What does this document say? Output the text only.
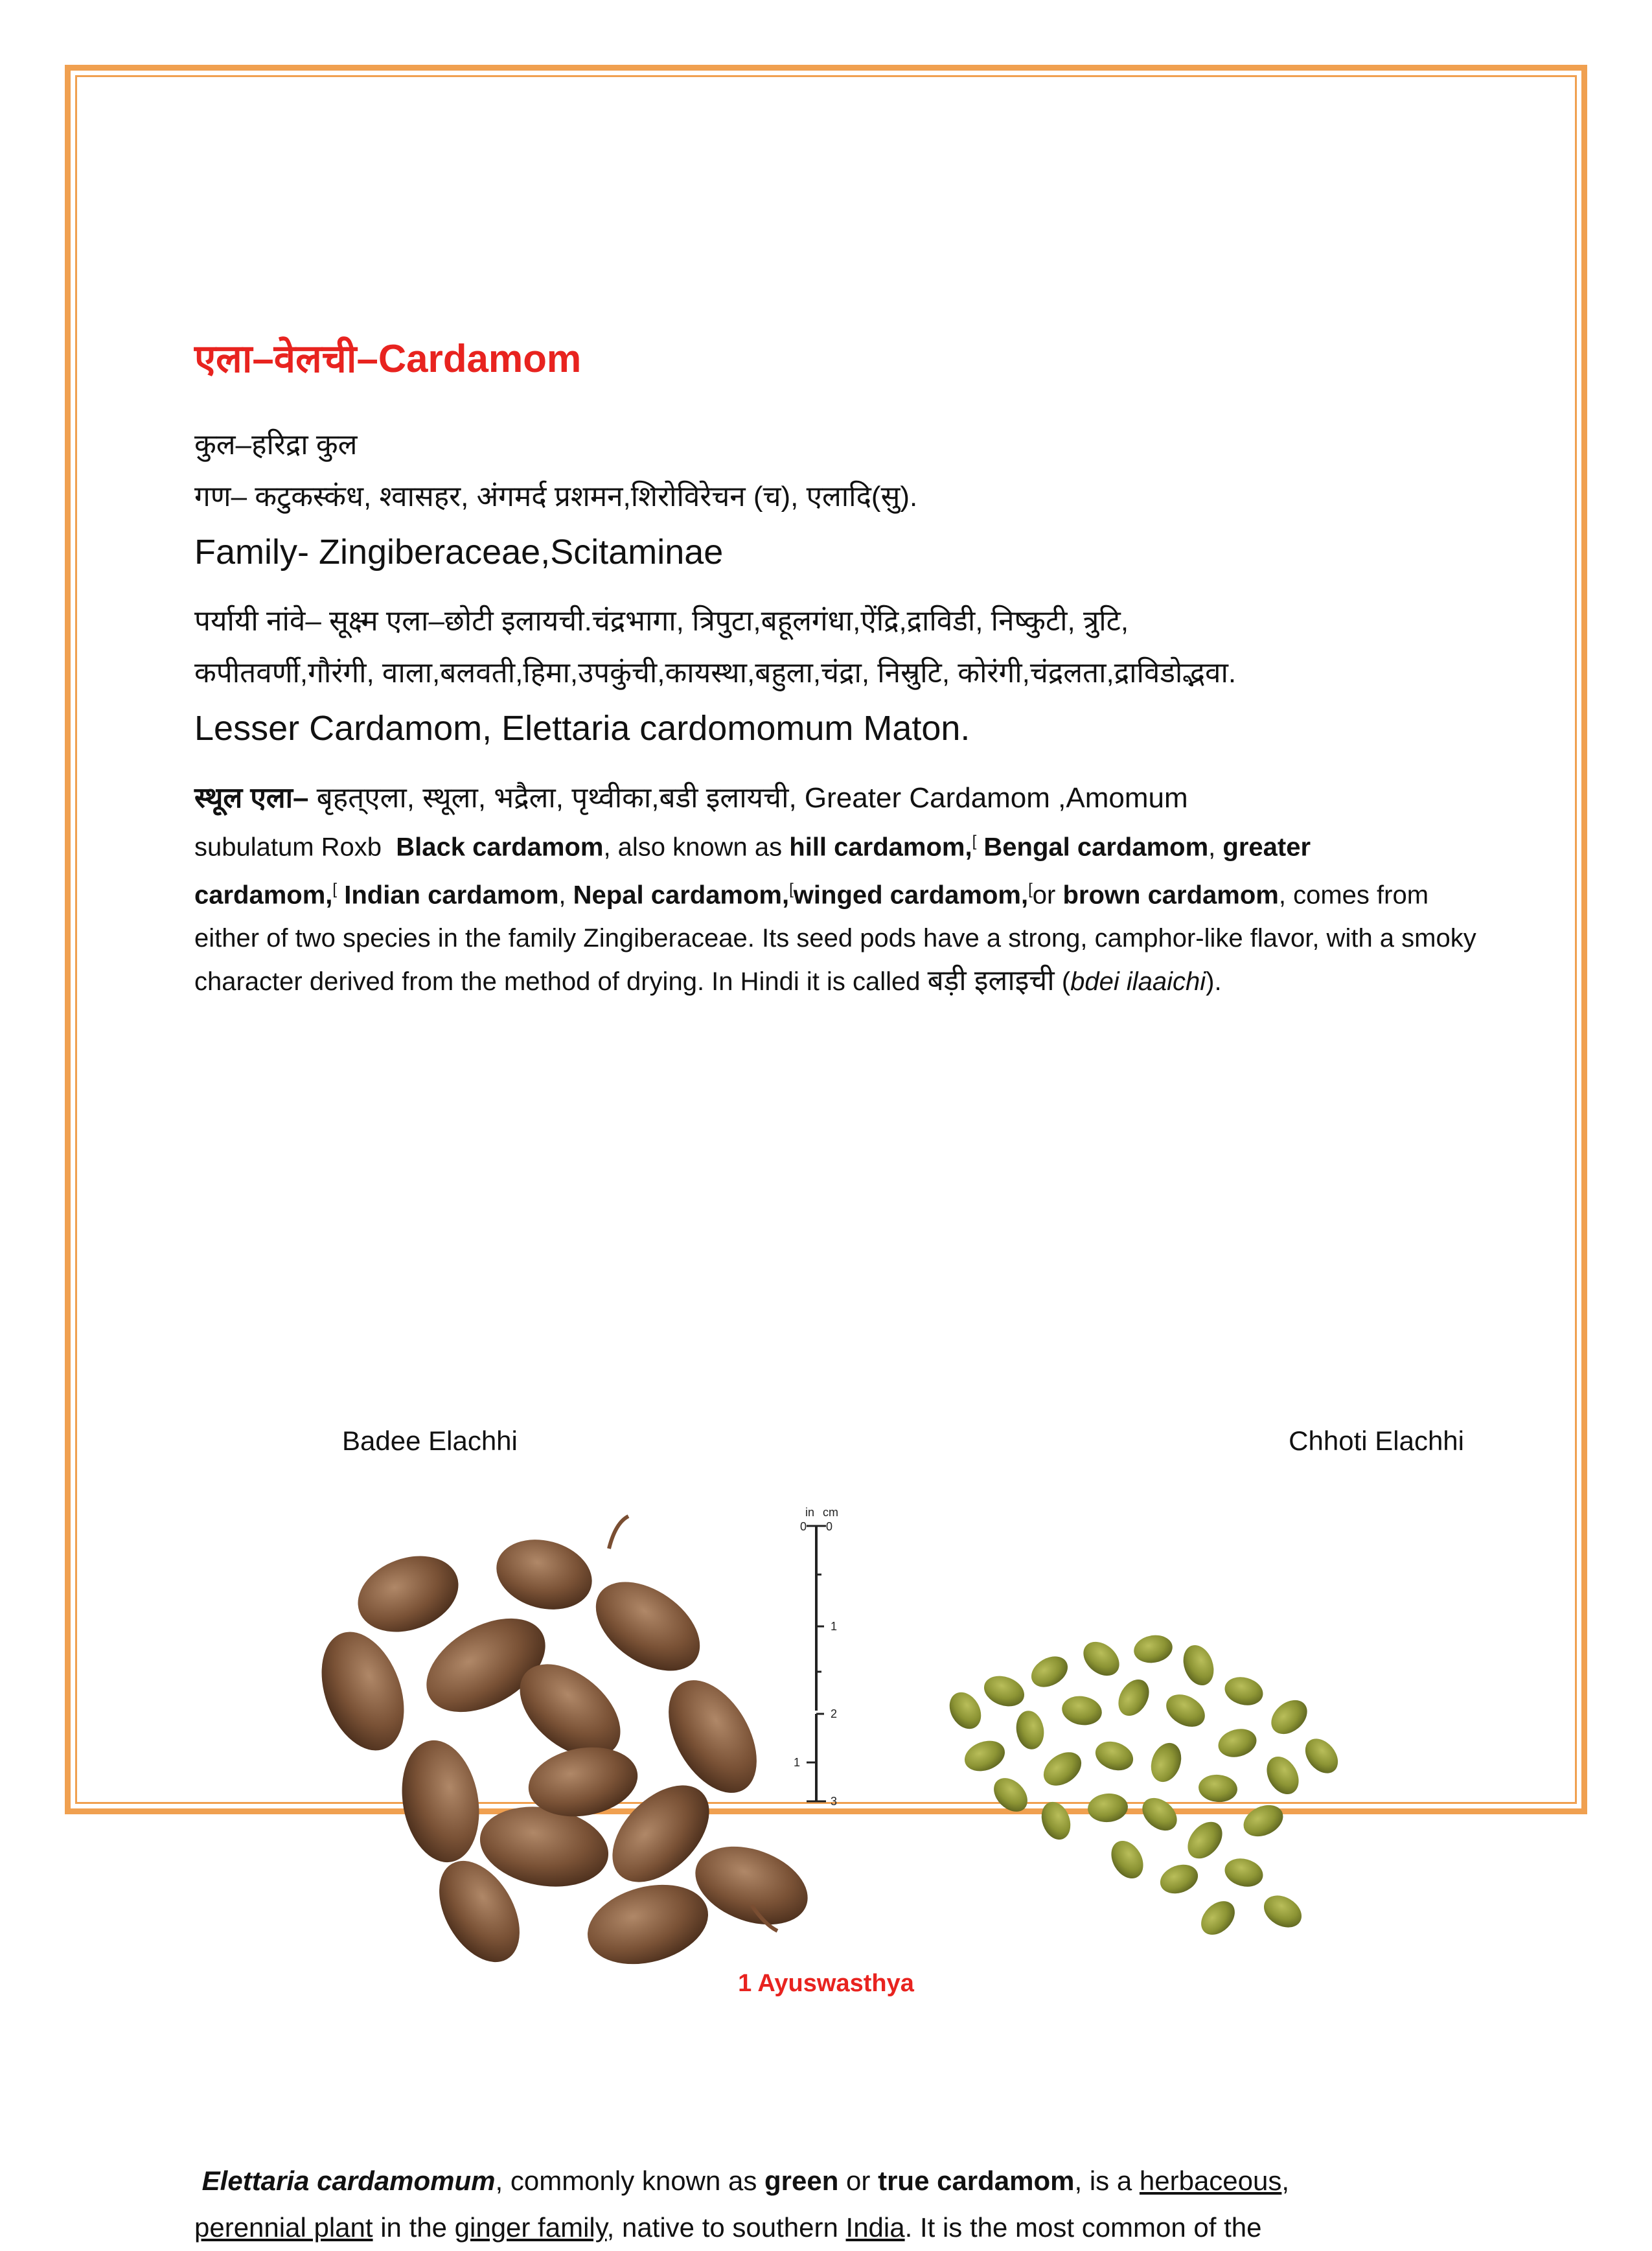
एला–वेलची–Cardamom

कुल–हरिद्रा कुल

गण– कटुकस्कंध, श्वासहर, अंगमर्द प्रशमन,शिरोविरेचन (च), एलादि(सु).

Family- Zingiberaceae,Scitaminae

पर्यायी नांवे– सूक्ष्म एला–छोटी इलायची.चंद्रभागा, त्रिपुटा,बहूलगंधा,ऐंद्रि,द्राविडी, निष्कुटी, त्रुटि,

कपीतवर्णी,गौरंगी, वाला,बलवती,हिमा,उपकुंची,कायस्था,बहुला,चंद्रा, निस्रुटि, कोरंगी,चंद्रलता,द्राविडोद्भवा.

Lesser Cardamom, Elettaria cardomomum Maton.

स्थूल एला– बृहत्एला, स्थूला, भद्रैला, पृथ्वीका,बडी इलायची, Greater Cardamom ,Amomum
subulatum Roxb Black cardamom, also known as hill cardamom,[ Bengal cardamom, greater
cardamom,[ Indian cardamom, Nepal cardamom,[winged cardamom,[or brown cardamom, comes from either of two species in the family Zingiberaceae. Its seed pods have a strong, camphor-like flavor, with a smoky character derived from the method of drying. In Hindi it is called बड़ी इलाइची (bdei ilaaichi).

Badee Elachhi	Chhoti Elachhi
in cm
0 0
1
2
1
3
Elettaria cardamomum, commonly known as green or true cardamom, is a herbaceous,
perennial plant in the ginger family, native to southern India. It is the most common of the
1 Ayuswasthya
